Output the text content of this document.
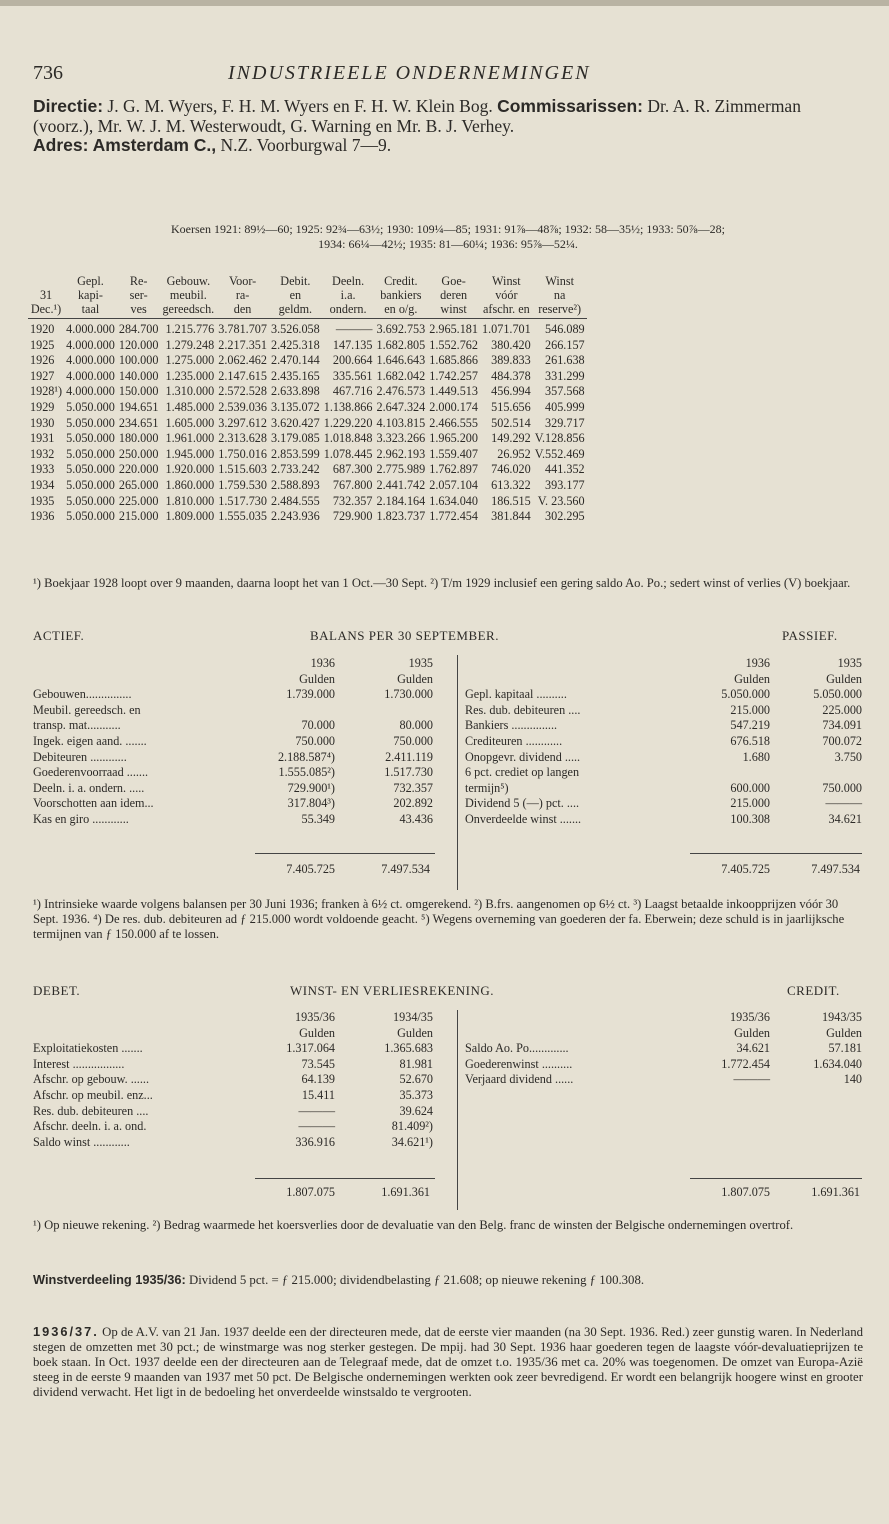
736	INDUSTRIEELE ONDERNEMINGEN
Directie: J. G. M. Wyers, F. H. M. Wyers en F. H. W. Klein Bog. Commissarissen: Dr. A. R. Zimmerman (voorz.), Mr. W. J. M. Westerwoudt, G. Warning en Mr. B. J. Verhey.
Adres: Amsterdam C., N.Z. Voorburgwal 7—9.
Koersen 1921: 89½—60; 1925: 92¾—63½; 1930: 109¼—85; 1931: 91⅞—48⅞; 1932: 58—35½; 1933: 50⅞—28;
1934: 66¼—42½; 1935: 81—60¼; 1936: 95⅞—52¼.
	Gepl.	Re-	Gebouw.	Voor-	Debit.	Deeln.	Credit.	Goe-	Winst	Winst
31	kapi-	ser-	meubil.	ra-	en	i.a.	bankiers	deren	vóór	na
Dec.¹)	taal	ves	gereedsch.	den	geldm.	ondern.	en o/g.	winst	afschr. en	reserve²)
1920	4.000.000	284.700	1.215.776	3.781.707	3.526.058	———	3.692.753	2.965.181	1.071.701	546.089
1925	4.000.000	120.000	1.279.248	2.217.351	2.425.318	147.135	1.682.805	1.552.762	380.420	266.157
1926	4.000.000	100.000	1.275.000	2.062.462	2.470.144	200.664	1.646.643	1.685.866	389.833	261.638
1927	4.000.000	140.000	1.235.000	2.147.615	2.435.165	335.561	1.682.042	1.742.257	484.378	331.299
1928¹)	4.000.000	150.000	1.310.000	2.572.528	2.633.898	467.716	2.476.573	1.449.513	456.994	357.568
1929	5.050.000	194.651	1.485.000	2.539.036	3.135.072	1.138.866	2.647.324	2.000.174	515.656	405.999
1930	5.050.000	234.651	1.605.000	3.297.612	3.620.427	1.229.220	4.103.815	2.466.555	502.514	329.717
1931	5.050.000	180.000	1.961.000	2.313.628	3.179.085	1.018.848	3.323.266	1.965.200	149.292	V.128.856
1932	5.050.000	250.000	1.945.000	1.750.016	2.853.599	1.078.445	2.962.193	1.559.407	26.952	V.552.469
1933	5.050.000	220.000	1.920.000	1.515.603	2.733.242	687.300	2.775.989	1.762.897	746.020	441.352
1934	5.050.000	265.000	1.860.000	1.759.530	2.588.893	767.800	2.441.742	2.057.104	613.322	393.177
1935	5.050.000	225.000	1.810.000	1.517.730	2.484.555	732.357	2.184.164	1.634.040	186.515	V. 23.560
1936	5.050.000	215.000	1.809.000	1.555.035	2.243.936	729.900	1.823.737	1.772.454	381.844	302.295
¹) Boekjaar 1928 loopt over 9 maanden, daarna loopt het van 1 Oct.—30 Sept. ²) T/m 1929 inclusief een gering saldo Ao. Po.; sedert winst of verlies (V) boekjaar.
ACTIEF.	BALANS PER 30 SEPTEMBER.	PASSIEF.
	1936	1935
	Gulden	Gulden
Gebouwen...............	1.739.000	1.730.000
Meubil. gereedsch. en		
transp. mat...........	70.000	80.000
Ingek. eigen aand. .......	750.000	750.000
Debiteuren ............	2.188.587⁴)	2.411.119
Goederenvoorraad .......	1.555.085²)	1.517.730
Deeln. i. a. ondern. .....	729.900¹)	732.357
Voorschotten aan idem...	317.804³)	202.892
Kas en giro ............	55.349	43.436
	1936	1935
	Gulden	Gulden
Gepl. kapitaal ..........	5.050.000	5.050.000
Res. dub. debiteuren ....	215.000	225.000
Bankiers ...............	547.219	734.091
Crediteuren ............	676.518	700.072
Onopgevr. dividend .....	1.680	3.750
6 pct. crediet op langen		
termijn⁵)	600.000	750.000
Dividend 5 (—) pct. ....	215.000	———
Onverdeelde winst .......	100.308	34.621
7.405.725	7.497.534	7.405.725	7.497.534
¹) Intrinsieke waarde volgens balansen per 30 Juni 1936; franken à 6½ ct. omgerekend. ²) B.frs. aangenomen op 6½ ct. ³) Laagst betaalde inkoopprijzen vóór 30 Sept. 1936. ⁴) De res. dub. debiteuren ad ƒ 215.000 wordt voldoende geacht. ⁵) Wegens overneming van goederen der fa. Eberwein; deze schuld is in jaarlijksche termijnen van ƒ 150.000 af te lossen.
DEBET.	WINST- EN VERLIESREKENING.	CREDIT.
	1935/36	1934/35
	Gulden	Gulden
Exploitatiekosten .......	1.317.064	1.365.683
Interest .................	73.545	81.981
Afschr. op gebouw. ......	64.139	52.670
Afschr. op meubil. enz...	15.411	35.373
Res. dub. debiteuren ....	———	39.624
Afschr. deeln. i. a. ond.	———	81.409²)
Saldo winst ............	336.916	34.621¹)
	1935/36	1943/35
	Gulden	Gulden
Saldo Ao. Po.............	34.621	57.181
Goederenwinst ..........	1.772.454	1.634.040
Verjaard dividend ......	———	140
1.807.075	1.691.361	1.807.075	1.691.361
¹) Op nieuwe rekening. ²) Bedrag waarmede het koersverlies door de devaluatie van den Belg. franc de winsten der Belgische ondernemingen overtrof.
Winstverdeeling 1935/36: Dividend 5 pct. = ƒ 215.000; dividendbelasting ƒ 21.608; op nieuwe rekening ƒ 100.308.
1936/37. Op de A.V. van 21 Jan. 1937 deelde een der directeuren mede, dat de eerste vier maanden (na 30 Sept. 1936. Red.) zeer gunstig waren. In Nederland stegen de omzetten met 30 pct.; de winstmarge was nog sterker gestegen. De mpij. had 30 Sept. 1936 haar goederen tegen de laagste vóór-devaluatieprijzen te boek staan. In Oct. 1937 deelde een der directeuren aan de Telegraaf mede, dat de omzet t.o. 1935/36 met ca. 20% was toegenomen. De omzet van Europa-Azië steeg in de eerste 9 maanden van 1937 met 50 pct. De Belgische ondernemingen werkten ook zeer bevredigend. Er wordt een belangrijk hoogere winst en grooter dividend verwacht. Het ligt in de bedoeling het onverdeelde winstsaldo te vergrooten.
